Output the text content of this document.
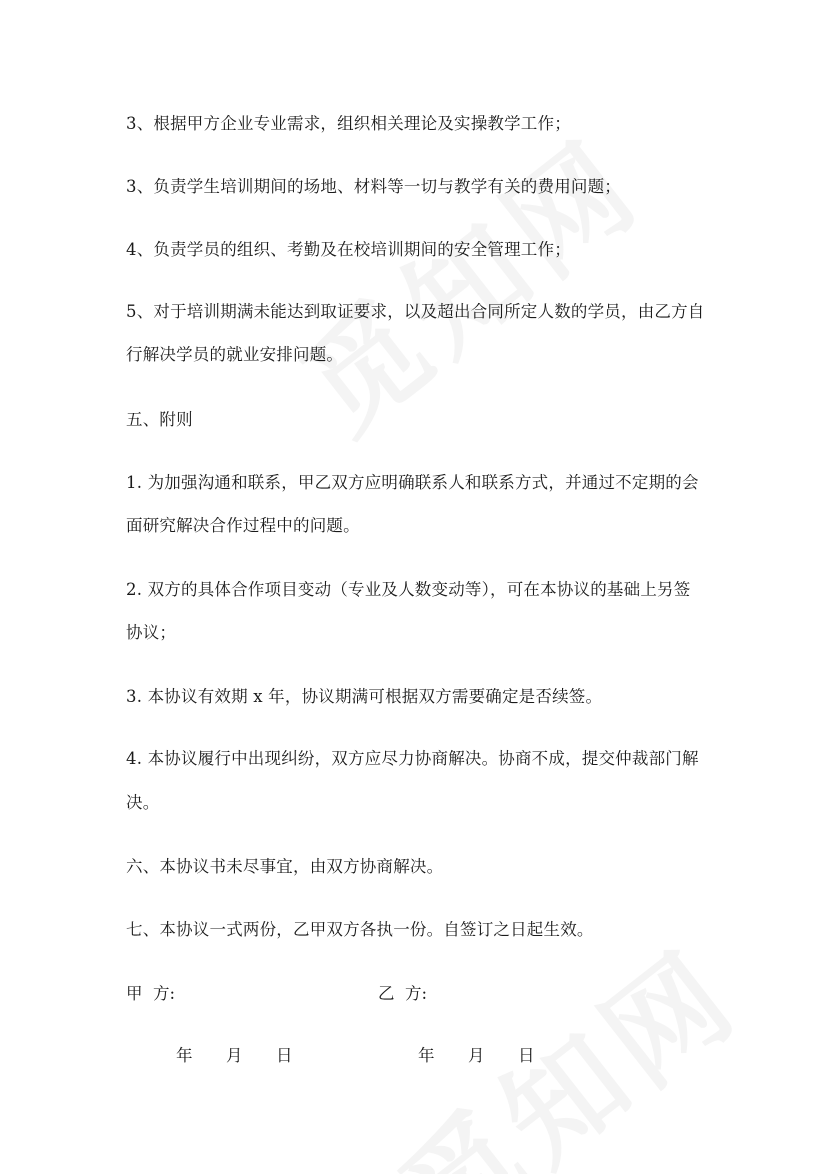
3、根据甲方企业专业需求，组织相关理论及实操教学工作；
3、负责学生培训期间的场地、材料等一切与教学有关的费用问题；
4、负责学员的组织、考勤及在校培训期间的安全管理工作；
5、对于培训期满未能达到取证要求，以及超出合同所定人数的学员，由乙方自
行解决学员的就业安排问题。
五、附则
1. 为加强沟通和联系，甲乙双方应明确联系人和联系方式，并通过不定期的会
面研究解决合作过程中的问题。
2. 双方的具体合作项目变动（专业及人数变动等），可在本协议的基础上另签
协议；
3. 本协议有效期 x 年，协议期满可根据双方需要确定是否续签。
4. 本协议履行中出现纠纷，双方应尽力协商解决。协商不成，提交仲裁部门解
决。
六、本协议书未尽事宜，由双方协商解决。
七、本协议一式两份，乙甲双方各执一份。自签订之日起生效。
甲  方:	乙  方:
年 月 日	年 月 日
